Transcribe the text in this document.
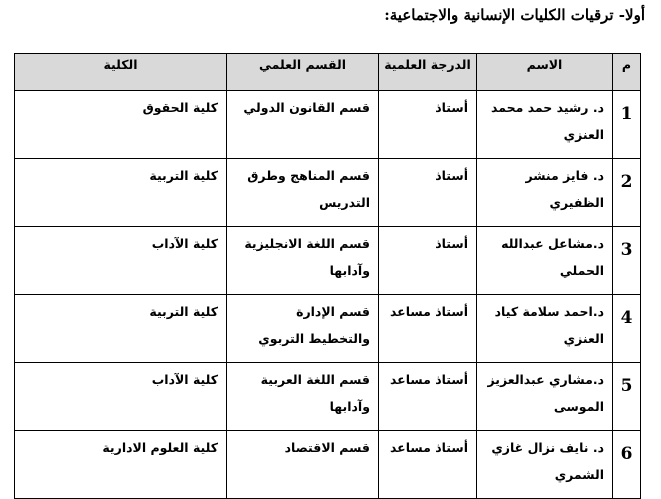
أولا- ترقيات الكليات الإنسانية والاجتماعية:
م	الاسم	الدرجة العلمية	القسم العلمي	الكلية
1	د. رشيد حمد محمد العنزي	أستاذ	قسم القانون الدولي	كلية الحقوق
2	د. فايز منشر الظفيري	أستاذ	قسم المناهج وطرق التدريس	كلية التربية
3	د.مشاعل عبدالله الحملي	أستاذ	قسم اللغة الانجليزية وآدابها	كلية الآداب
4	د.احمد سلامة كياد العنزي	أستاذ مساعد	قسم الإدارة والتخطيط التربوي	كلية التربية
5	د.مشاري عبدالعزيز الموسى	أستاذ مساعد	قسم اللغة العربية وآدابها	كلية الآداب
6	د. نايف نزال غازي الشمري	أستاذ مساعد	قسم الاقتصاد	كلية العلوم الادارية
